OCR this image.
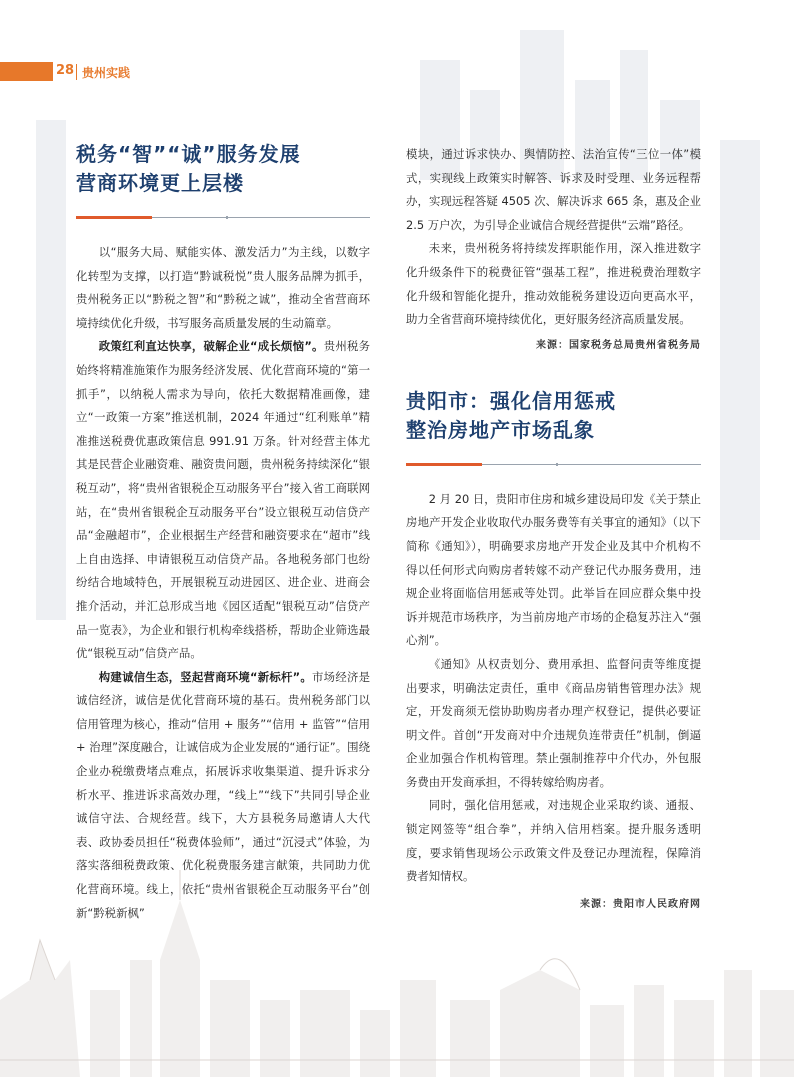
28 贵州实践
税务“智”“诚”服务发展
营商环境更上层楼

以“服务大局、赋能实体、激发活力”为主线，以数字化转型为支撑，以打造“黔诚税悦”贵人服务品牌为抓手，贵州税务正以“黔税之智”和“黔税之诚”，推动全省营商环境持续优化升级，书写服务高质量发展的生动篇章。

政策红利直达快享，破解企业“成长烦恼”。贵州税务始终将精准施策作为服务经济发展、优化营商环境的“第一抓手”，以纳税人需求为导向，依托大数据精准画像，建立“一政策一方案”推送机制，2024 年通过“红利账单”精准推送税费优惠政策信息 991.91 万条。针对经营主体尤其是民营企业融资难、融资贵问题，贵州税务持续深化“银税互动”，将“贵州省银税企互动服务平台”接入省工商联网站，在“贵州省银税企互动服务平台”设立银税互动信贷产品“金融超市”，企业根据生产经营和融资要求在“超市”线上自由选择、申请银税互动信贷产品。各地税务部门也纷纷结合地域特色，开展银税互动进园区、进企业、进商会推介活动，并汇总形成当地《园区适配“银税互动”信贷产品一览表》，为企业和银行机构牵线搭桥，帮助企业筛选最优“银税互动”信贷产品。

构建诚信生态，竖起营商环境“新标杆”。市场经济是诚信经济，诚信是优化营商环境的基石。贵州税务部门以信用管理为核心，推动“信用 + 服务”“信用 + 监管”“信用 + 治理”深度融合，让诚信成为企业发展的“通行证”。围绕企业办税缴费堵点难点，拓展诉求收集渠道、提升诉求分析水平、推进诉求高效办理，“线上”“线下”共同引导企业诚信守法、合规经营。线下，大方县税务局邀请人大代表、政协委员担任“税费体验师”，通过“沉浸式”体验，为落实落细税费政策、优化税费服务建言献策，共同助力优化营商环境。线上，依托“贵州省银税企互动服务平台”创新“黔税新枫”

模块，通过诉求快办、舆情防控、法治宣传“三位一体”模式，实现线上政策实时解答、诉求及时受理、业务远程帮办，实现远程答疑 4505 次、解决诉求 665 条，惠及企业 2.5 万户次，为引导企业诚信合规经营提供“云端”路径。

未来，贵州税务将持续发挥职能作用，深入推进数字化升级条件下的税费征管“强基工程”，推进税费治理数字化升级和智能化提升，推动效能税务建设迈向更高水平，助力全省营商环境持续优化，更好服务经济高质量发展。

来源：国家税务总局贵州省税务局
贵阳市：强化信用惩戒
整治房地产市场乱象

2 月 20 日，贵阳市住房和城乡建设局印发《关于禁止房地产开发企业收取代办服务费等有关事宜的通知》（以下简称《通知》），明确要求房地产开发企业及其中介机构不得以任何形式向购房者转嫁不动产登记代办服务费用，违规企业将面临信用惩戒等处罚。此举旨在回应群众集中投诉并规范市场秩序，为当前房地产市场的企稳复苏注入“强心剂”。

《通知》从权责划分、费用承担、监督问责等维度提出要求，明确法定责任，重申《商品房销售管理办法》规定，开发商须无偿协助购房者办理产权登记，提供必要证明文件。首创“开发商对中介违规负连带责任”机制，倒逼企业加强合作机构管理。禁止强制推荐中介代办，外包服务费由开发商承担，不得转嫁给购房者。

同时，强化信用惩戒，对违规企业采取约谈、通报、锁定网签等“组合拳”，并纳入信用档案。提升服务透明度，要求销售现场公示政策文件及登记办理流程，保障消费者知情权。

来源：贵阳市人民政府网
